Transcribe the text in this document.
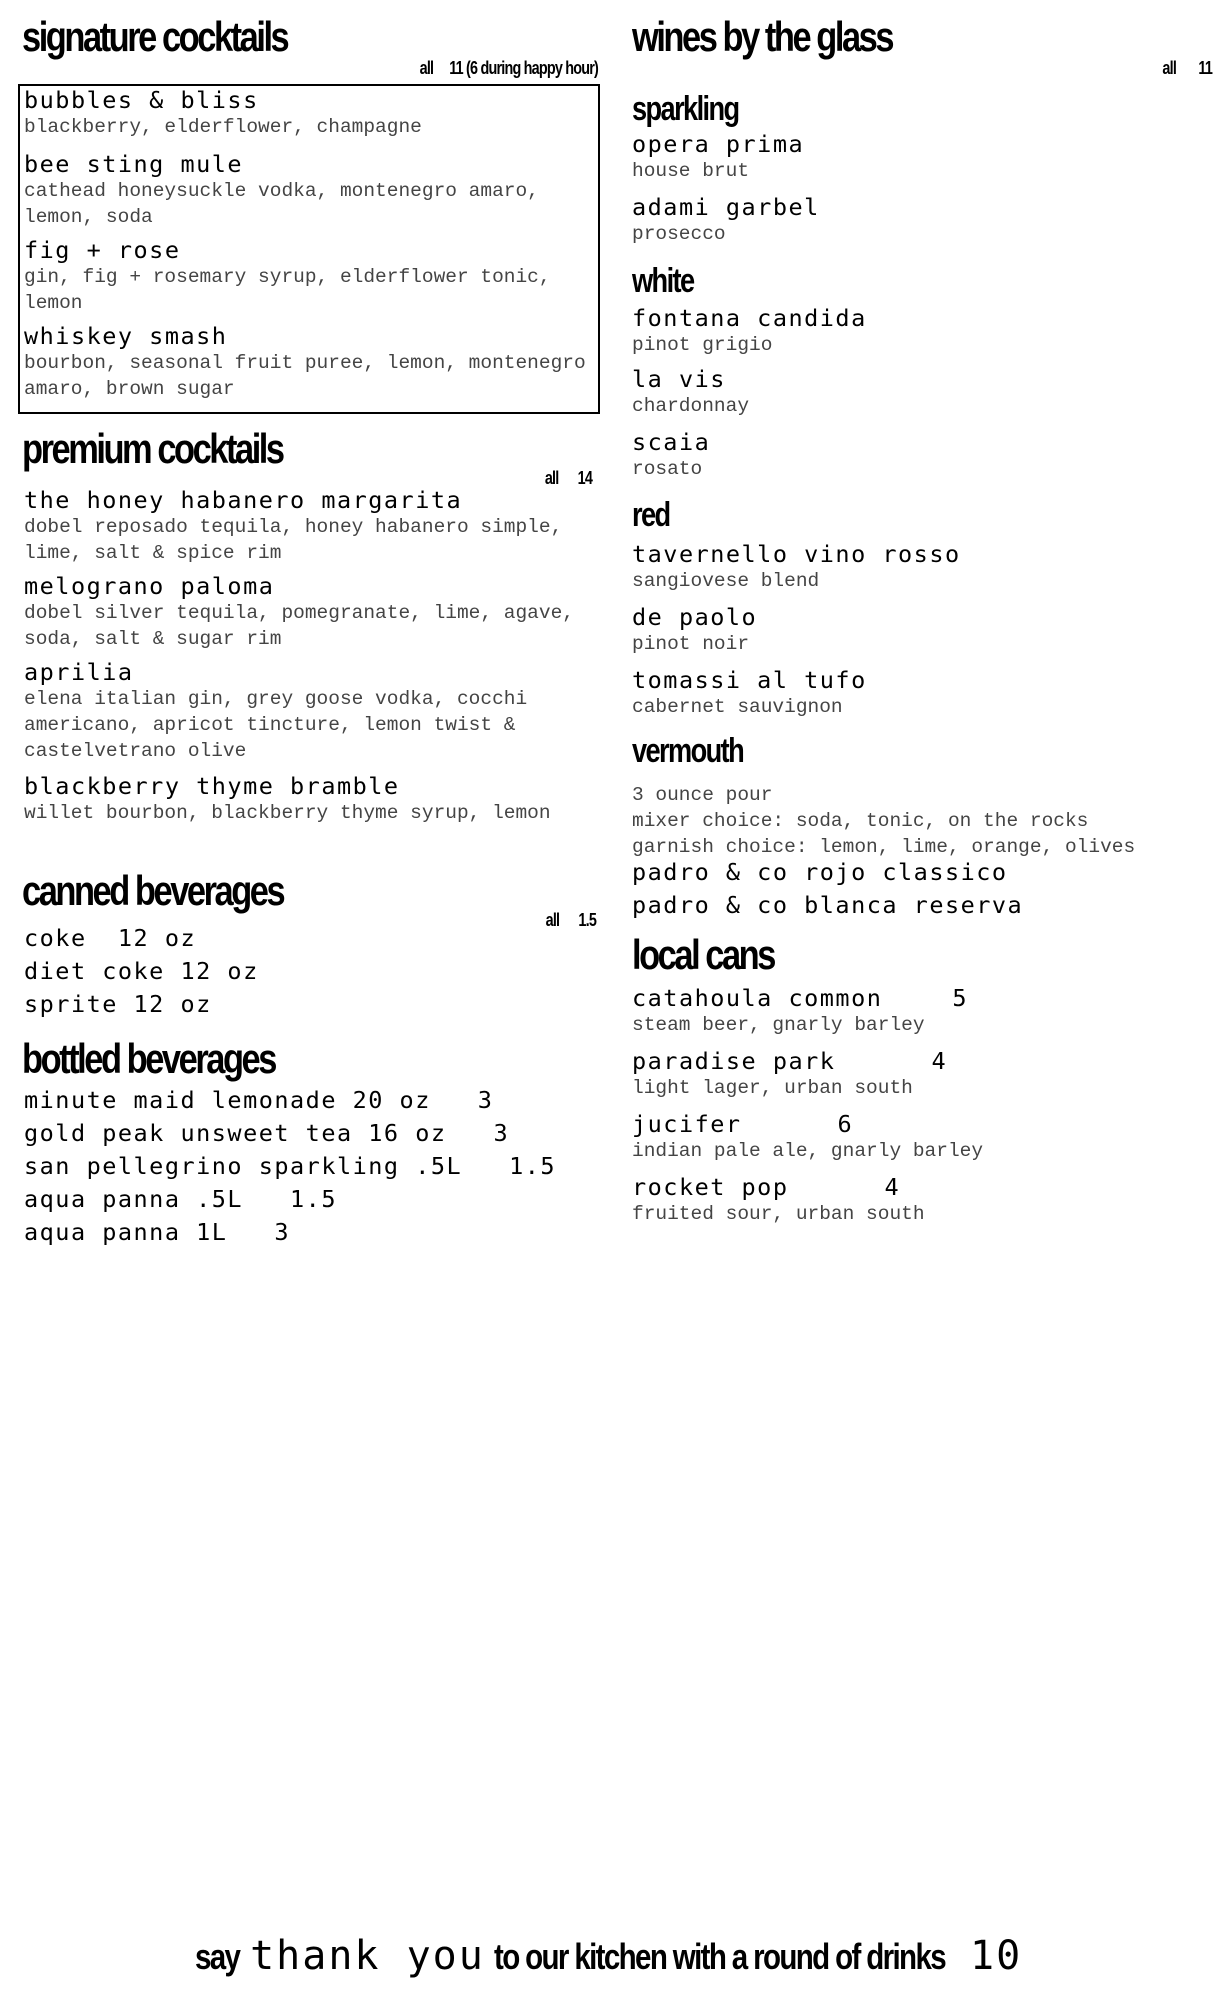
signature cocktails
all 11 (6 during happy hour)
bubbles & bliss
blackberry, elderflower, champagne
bee sting mule
cathead honeysuckle vodka, montenegro amaro, lemon, soda
fig + rose
gin, fig + rosemary syrup, elderflower tonic, lemon
whiskey smash
bourbon, seasonal fruit puree, lemon, montenegro amaro, brown sugar
premium cocktails
all 14
the honey habanero margarita
dobel reposado tequila, honey habanero simple, lime, salt & spice rim
melograno paloma
dobel silver tequila, pomegranate, lime, agave, soda, salt & sugar rim
aprilia
elena italian gin, grey goose vodka, cocchi americano, apricot tincture, lemon twist & castelvetrano olive
blackberry thyme bramble
willet bourbon, blackberry thyme syrup, lemon
canned beverages
all 1.5
coke  12 oz
diet coke 12 oz
sprite 12 oz
bottled beverages
minute maid lemonade 20 oz   3
gold peak unsweet tea 16 oz   3
san pellegrino sparkling .5L   1.5
aqua panna .5L   1.5
aqua panna 1L   3
wines by the glass
all 11
sparkling
opera prima
house brut
adami garbel
prosecco
white
fontana candida
pinot grigio
la vis
chardonnay
scaia
rosato
red
tavernello vino rosso
sangiovese blend
de paolo
pinot noir
tomassi al tufo
cabernet sauvignon
vermouth
3 ounce pour
mixer choice: soda, tonic, on the rocks
garnish choice: lemon, lime, orange, olives
padro & co rojo classico
padro & co blanca reserva
local cans
catahoula common	5
steam beer, gnarly barley
paradise park	4
light lager, urban south
jucifer	6
indian pale ale, gnarly barley
rocket pop	4
fruited sour, urban south
say thank you to our kitchen with a round of drinks 10
